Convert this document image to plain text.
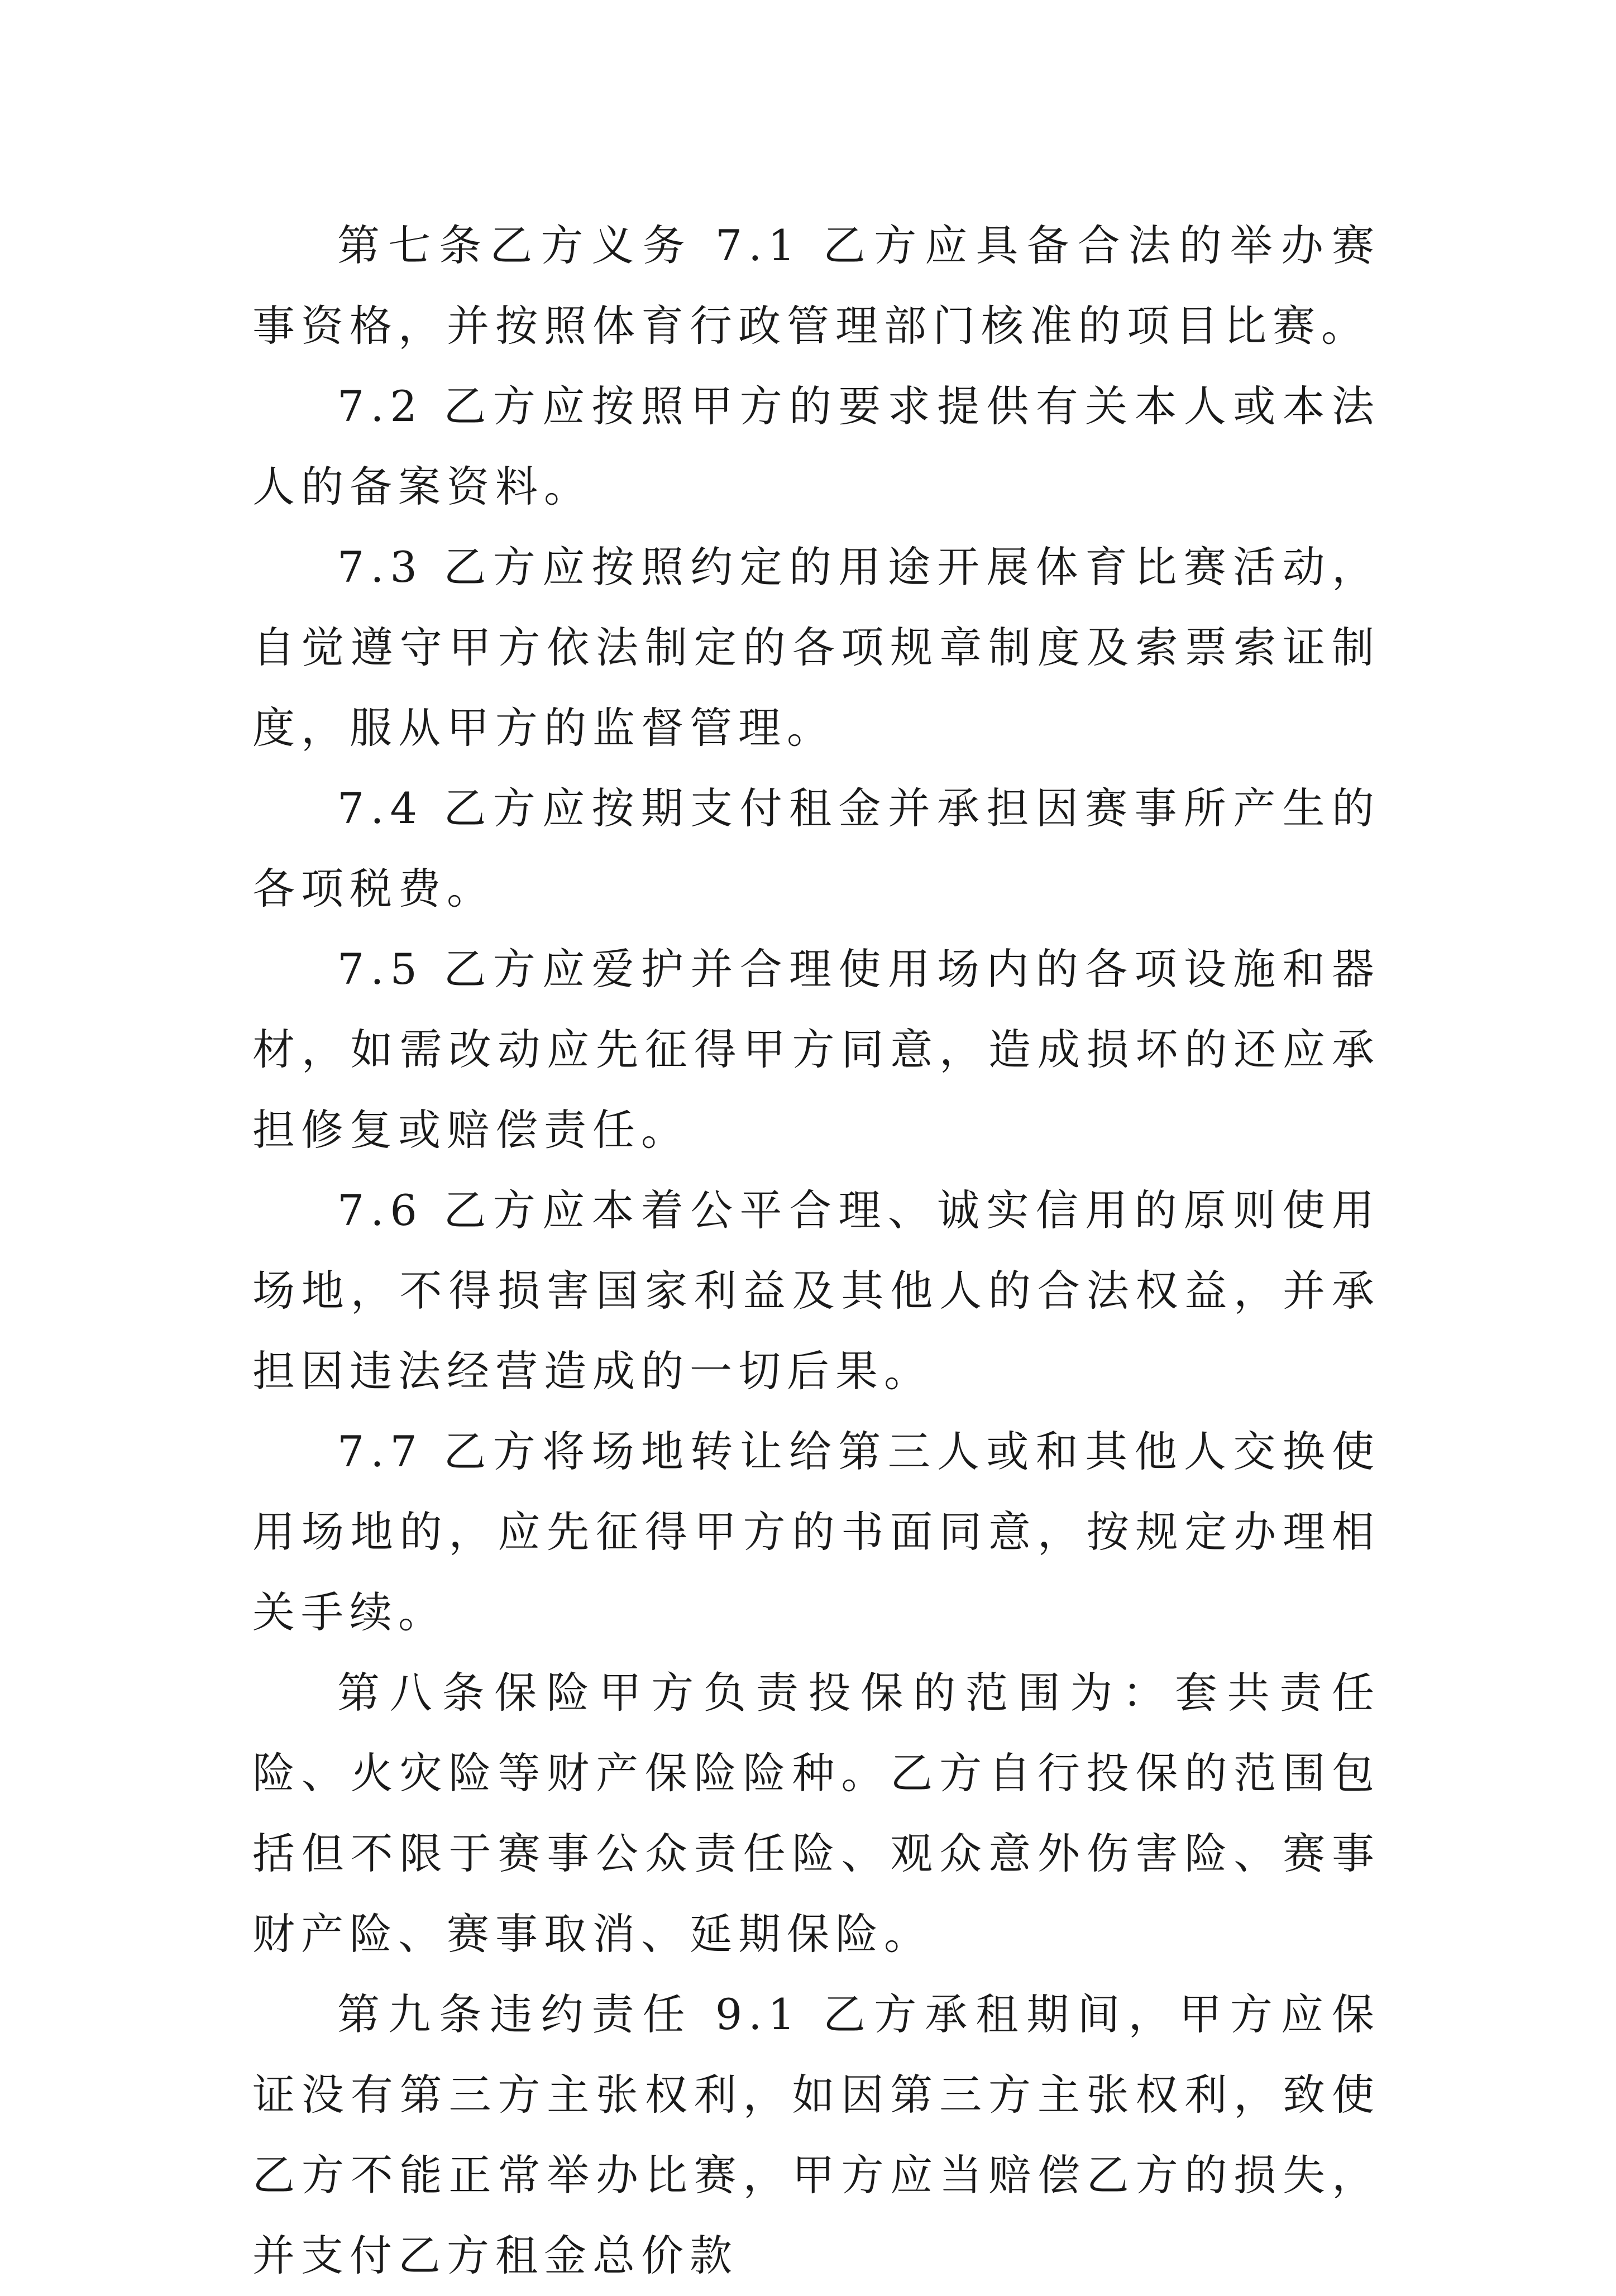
第七条乙方义务 7.1 乙方应具备合法的举办赛事资格，并按照体育行政管理部门核准的项目比赛。

7.2 乙方应按照甲方的要求提供有关本人或本法人的备案资料。

7.3 乙方应按照约定的用途开展体育比赛活动，自觉遵守甲方依法制定的各项规章制度及索票索证制度，服从甲方的监督管理。

7.4 乙方应按期支付租金并承担因赛事所产生的各项税费。

7.5 乙方应爱护并合理使用场内的各项设施和器材，如需改动应先征得甲方同意，造成损坏的还应承担修复或赔偿责任。

7.6 乙方应本着公平合理、诚实信用的原则使用场地，不得损害国家利益及其他人的合法权益，并承担因违法经营造成的一切后果。

7.7 乙方将场地转让给第三人或和其他人交换使用场地的，应先征得甲方的书面同意，按规定办理相关手续。

第八条保险甲方负责投保的范围为：套共责任险、火灾险等财产保险险种。乙方自行投保的范围包括但不限于赛事公众责任险、观众意外伤害险、赛事财产险、赛事取消、延期保险。

第九条违约责任 9.1 乙方承租期间，甲方应保证没有第三方主张权利，如因第三方主张权利，致使乙方不能正常举办比赛，甲方应当赔偿乙方的损失，并支付乙方租金总价款
